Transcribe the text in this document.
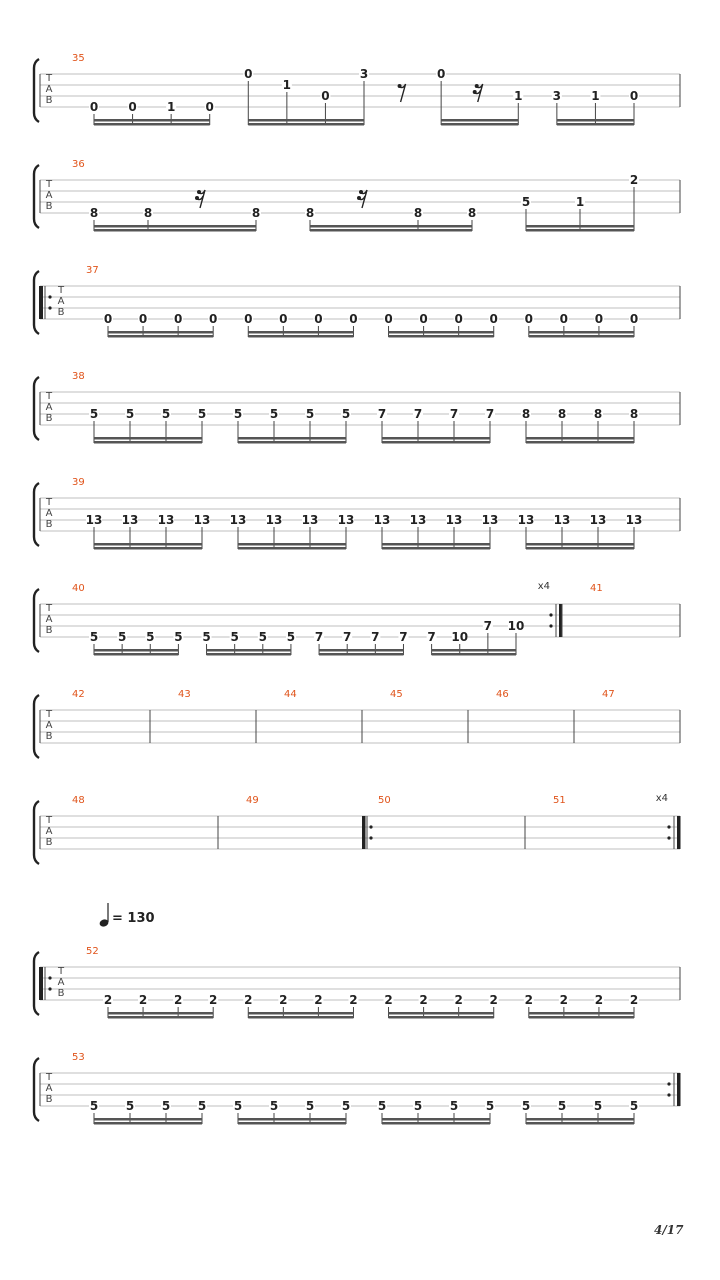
T
A
B
35
0	0	1	0
0
1
0
3	0
1	3	1	0
T
A
B
36
8	8	8	8	8	8
5	1
2
T
A
B
37
0 0 0 0 0 0 0 0 0 0 0 0 0 0 0 0
T
A
B
38
5 5 5 5 5 5 5 5 7 7 7 7 8 8 8 8
T
A
B
39
13 13 13 13 13 13 13 13 13 13 13 13 13 13 13 13
T
A
B
40	x4
5 5 5 5 5 5 5 5 7 7 7 7 7 10
7 10
41
T
A
B
42	43	44	45	46	47
T
A
B
48	49	50	51	x4
T
A
B
= 130
52
2 2 2 2 2 2 2 2 2 2 2 2 2 2 2 2
T
A
B
53
5 5 5 5 5 5 5 5 5 5 5 5 5 5 5 5
4/17
